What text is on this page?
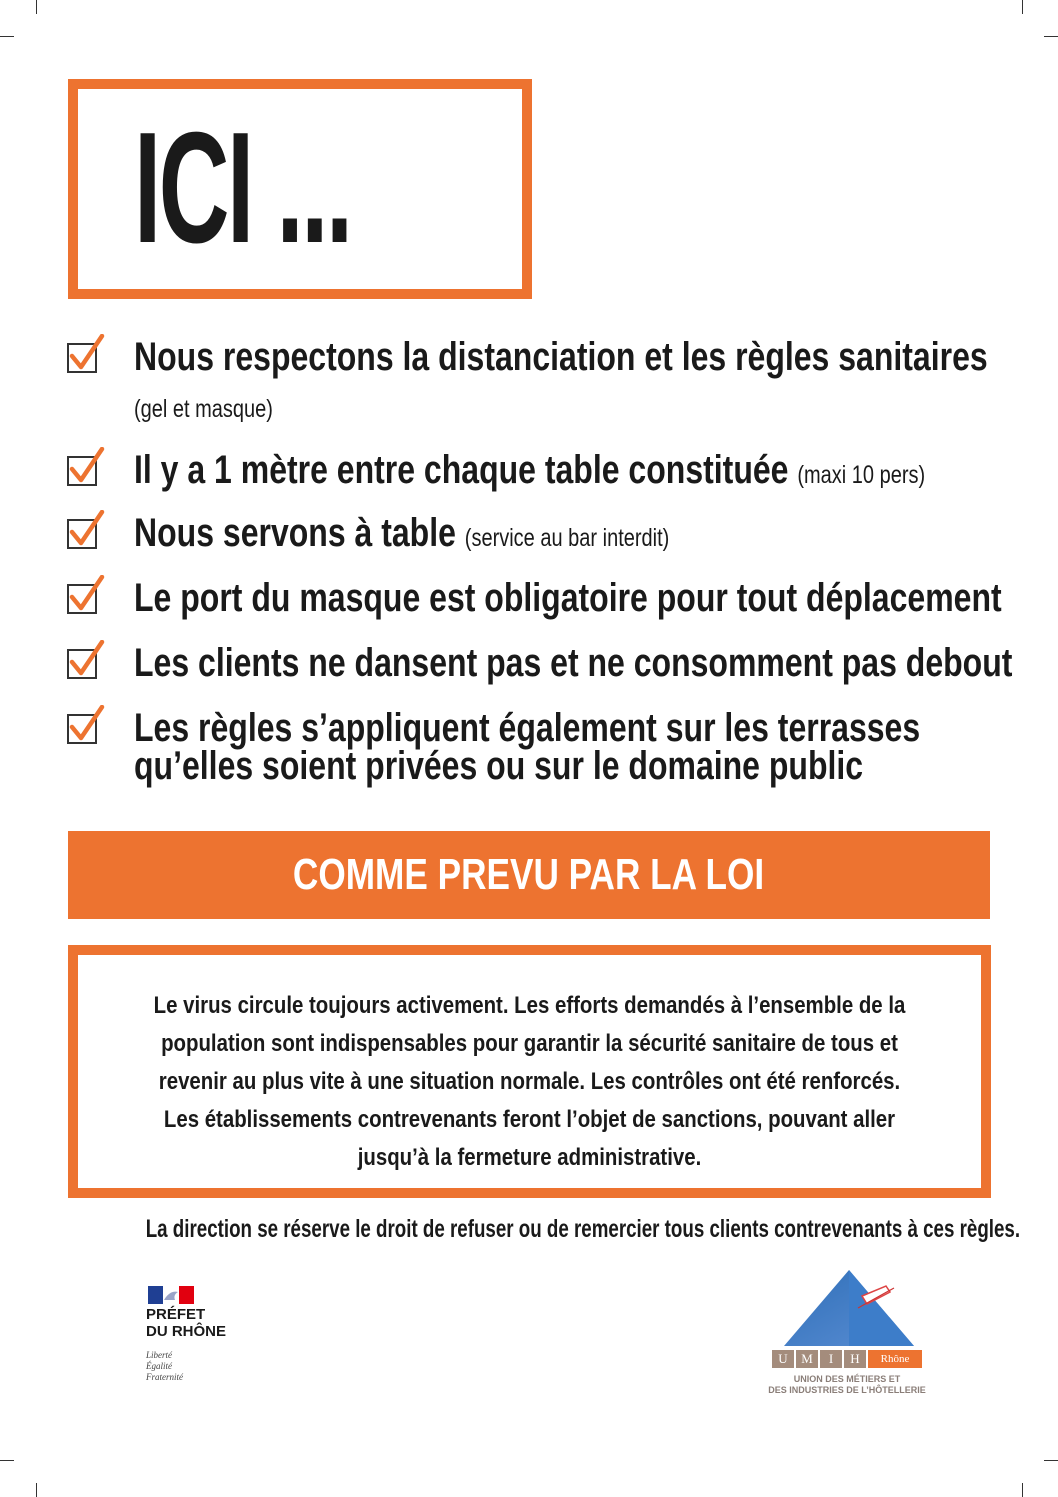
ICI ...
Nous respectons la distanciation et les règles sanitaires
(gel et masque)
Il y a 1 mètre entre chaque table constituée (maxi 10 pers)
Nous servons à table (service au bar interdit)
Le port du masque est obligatoire pour tout déplacement
Les clients ne dansent pas et ne consomment pas debout
Les règles s’appliquent également sur les terrasses
qu’elles soient privées ou sur le domaine public
COMME PREVU PAR LA LOI
Le virus circule toujours activement. Les efforts demandés à l’ensemble de la
population sont indispensables pour garantir la sécurité sanitaire de tous et
revenir au plus vite à une situation normale. Les contrôles ont été renforcés.
Les établissements contrevenants feront l’objet de sanctions, pouvant aller
jusqu’à la fermeture administrative.
La direction se réserve le droit de refuser ou de remercier tous clients contrevenants à ces règles.
PRÉFET
DU RHÔNE
Liberté
Égalité
Fraternité
U	M	I	H	Rhône
UNION DES MÉTIERS ET
DES INDUSTRIES DE L’HÔTELLERIE
